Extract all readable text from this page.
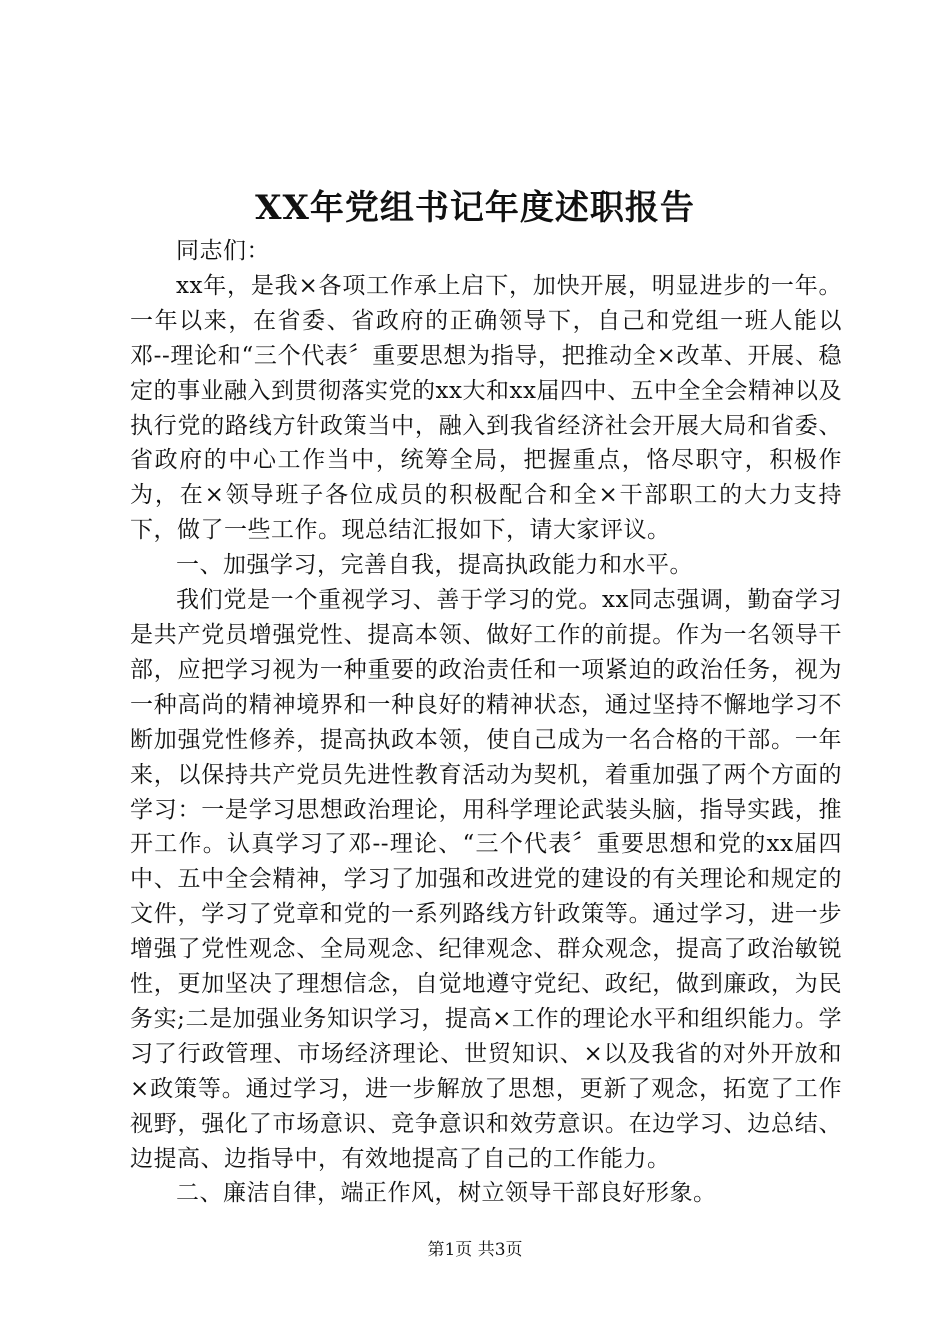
XX年党组书记年度述职报告

同志们：

xx年，是我×各项工作承上启下，加快开展，明显进步的一年。一年以来，在省委、省政府的正确领导下，自己和党组一班人能以邓--理论和“三个代表〞重要思想为指导，把推动全×改革、开展、稳定的事业融入到贯彻落实党的xx大和xx届四中、五中全全会精神以及执行党的路线方针政策当中，融入到我省经济社会开展大局和省委、省政府的中心工作当中，统筹全局，把握重点，恪尽职守，积极作为，在×领导班子各位成员的积极配合和全×干部职工的大力支持下，做了一些工作。现总结汇报如下，请大家评议。

一、加强学习，完善自我，提高执政能力和水平。

我们党是一个重视学习、善于学习的党。xx同志强调，勤奋学习是共产党员增强党性、提高本领、做好工作的前提。作为一名领导干部，应把学习视为一种重要的政治责任和一项紧迫的政治任务，视为一种高尚的精神境界和一种良好的精神状态，通过坚持不懈地学习不断加强党性修养，提高执政本领，使自己成为一名合格的干部。一年来，以保持共产党员先进性教育活动为契机，着重加强了两个方面的学习：一是学习思想政治理论，用科学理论武装头脑，指导实践，推开工作。认真学习了邓--理论、“三个代表〞重要思想和党的xx届四中、五中全会精神，学习了加强和改进党的建设的有关理论和规定的文件，学习了党章和党的一系列路线方针政策等。通过学习，进一步增强了党性观念、全局观念、纪律观念、群众观念，提高了政治敏锐性，更加坚决了理想信念，自觉地遵守党纪、政纪，做到廉政，为民务实;二是加强业务知识学习，提高×工作的理论水平和组织能力。学习了行政管理、市场经济理论、世贸知识、×以及我省的对外开放和×政策等。通过学习，进一步解放了思想，更新了观念，拓宽了工作视野，强化了市场意识、竞争意识和效劳意识。在边学习、边总结、边提高、边指导中，有效地提高了自己的工作能力。

二、廉洁自律，端正作风，树立领导干部良好形象。

第1页 共3页
